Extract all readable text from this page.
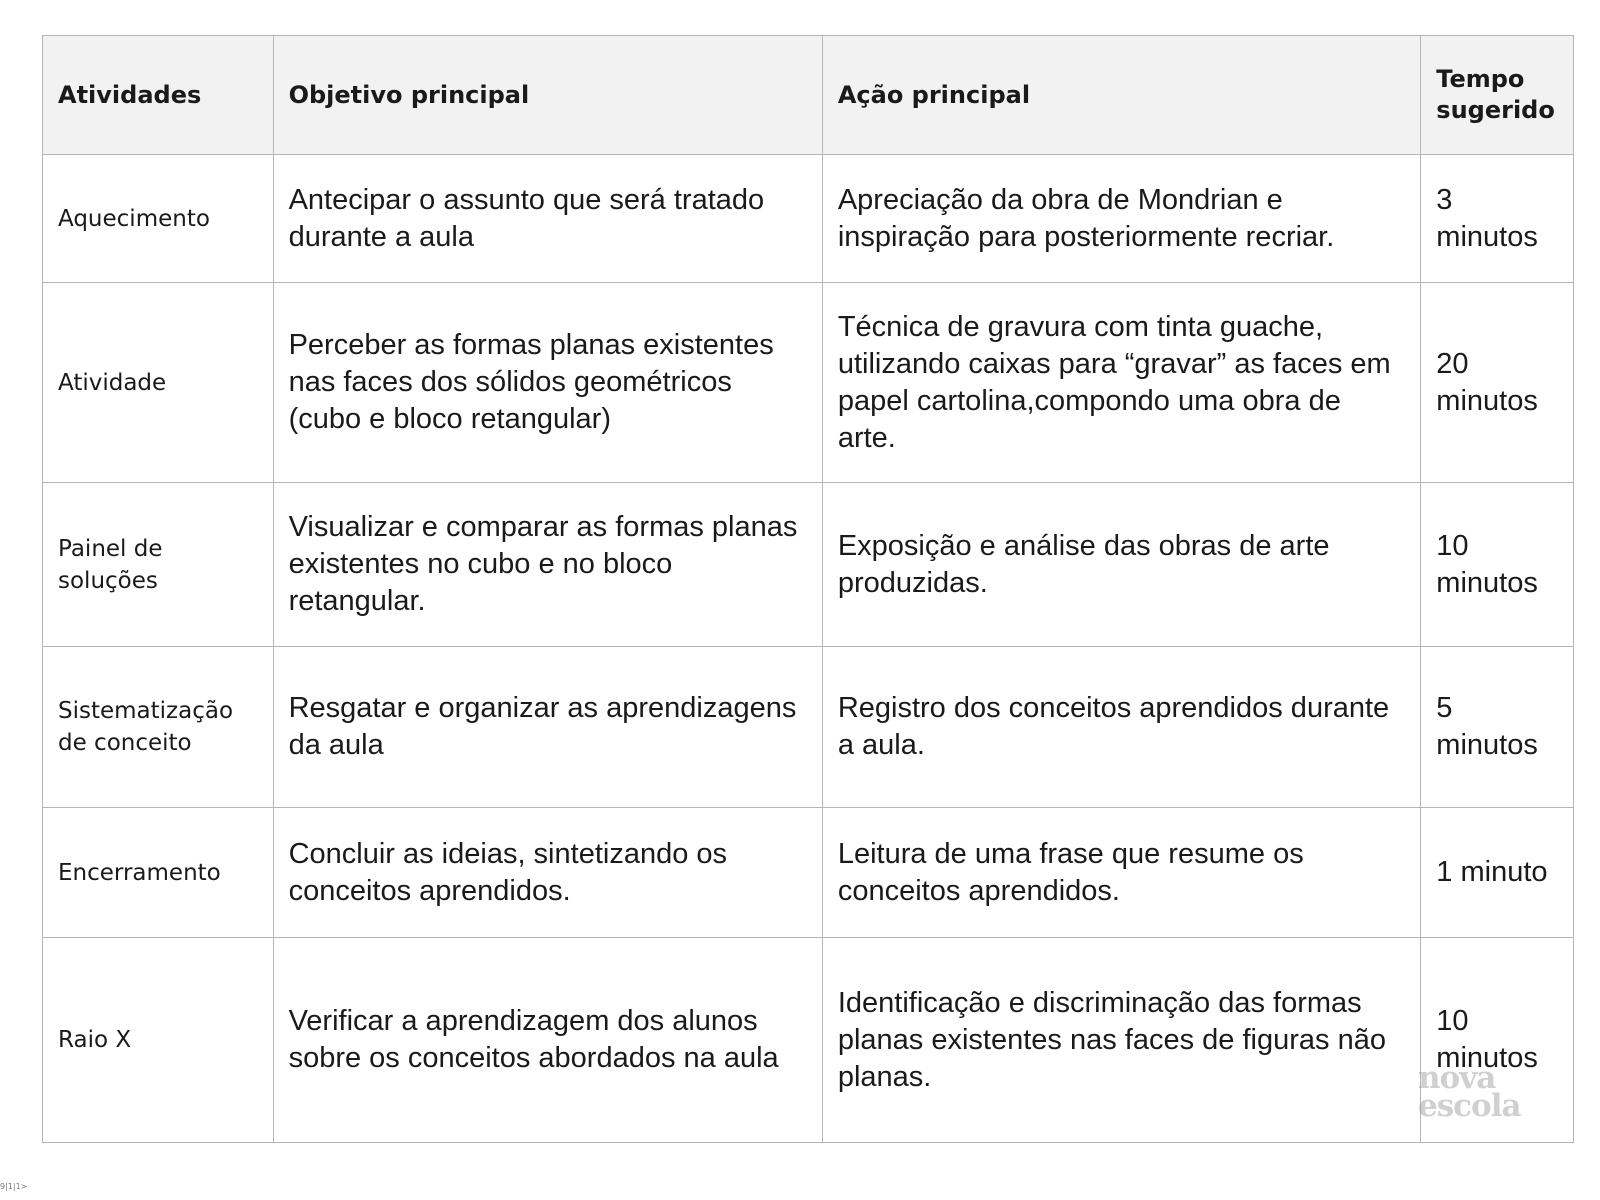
Atividades	Objetivo principal	Ação principal	Tempo sugerido
Aquecimento	Antecipar o assunto que será tratado durante a aula	Apreciação da obra de Mondrian e inspiração para posteriormente recriar.	3 minutos
Atividade	Perceber as formas planas existentes nas faces dos sólidos geométricos (cubo e bloco retangular)	Técnica de gravura com tinta guache, utilizando caixas para “gravar” as faces em papel cartolina,compondo uma obra de arte.	20 minutos
Painel de soluções	Visualizar e comparar as formas planas existentes no cubo e no bloco retangular.	Exposição e análise das obras de arte produzidas.	10 minutos
Sistematização de conceito	Resgatar e organizar as aprendizagens da aula	Registro dos conceitos aprendidos durante a aula.	5 minutos
Encerramento	Concluir as ideias, sintetizando os conceitos aprendidos.	Leitura de uma frase que resume os conceitos aprendidos.	1 minuto
Raio X	Verificar a aprendizagem dos alunos sobre os conceitos abordados na aula	Identificação e discriminação das formas planas existentes nas faces de figuras não planas.	10 minutos
nova
escola
9|1|1>
